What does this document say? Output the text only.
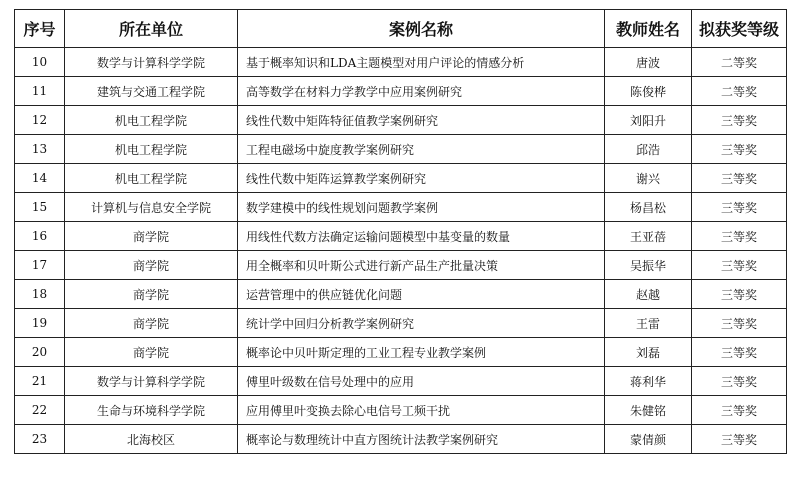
序号	所在单位	案例名称	教师姓名	拟获奖等级
10	数学与计算科学学院	基于概率知识和LDA主题模型对用户评论的情感分析	唐波	二等奖
11	建筑与交通工程学院	高等数学在材料力学教学中应用案例研究	陈俊桦	二等奖
12	机电工程学院	线性代数中矩阵特征值教学案例研究	刘阳升	三等奖
13	机电工程学院	工程电磁场中旋度教学案例研究	邱浩	三等奖
14	机电工程学院	线性代数中矩阵运算教学案例研究	谢兴	三等奖
15	计算机与信息安全学院	数学建模中的线性规划问题教学案例	杨昌松	三等奖
16	商学院	用线性代数方法确定运输问题模型中基变量的数量	王亚蓓	三等奖
17	商学院	用全概率和贝叶斯公式进行新产品生产批量决策	吴振华	三等奖
18	商学院	运营管理中的供应链优化问题	赵越	三等奖
19	商学院	统计学中回归分析教学案例研究	王雷	三等奖
20	商学院	概率论中贝叶斯定理的工业工程专业教学案例	刘磊	三等奖
21	数学与计算科学学院	傅里叶级数在信号处理中的应用	蒋利华	三等奖
22	生命与环境科学学院	应用傅里叶变换去除心电信号工频干扰	朱健铭	三等奖
23	北海校区	概率论与数理统计中直方图统计法教学案例研究	蒙倩颜	三等奖
